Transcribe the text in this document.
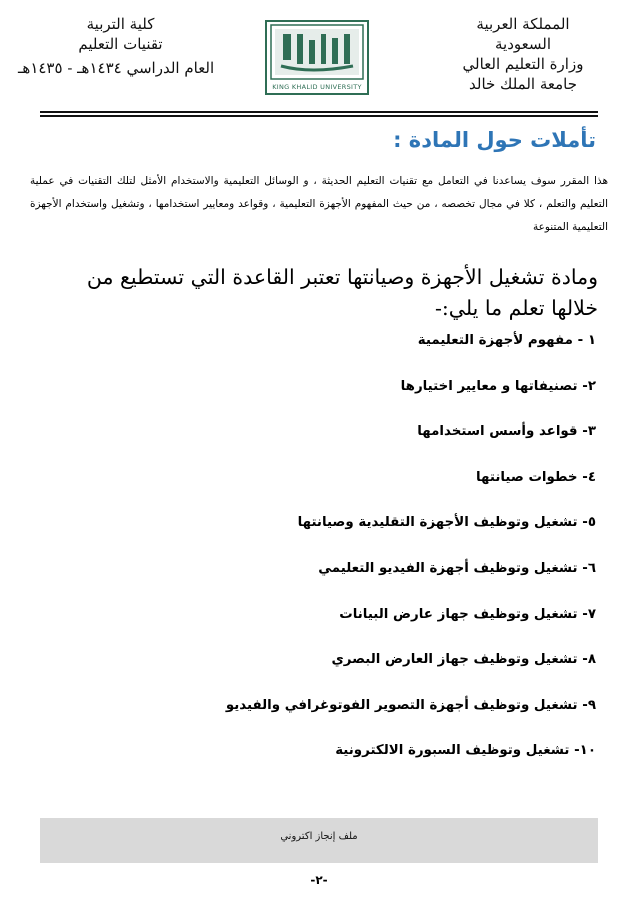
المملكة العربية السعودية
وزارة التعليم العالي
جامعة الملك خالد
KING KHALID UNIVERSITY
كلية التربية
تقنيات التعليم
العام الدراسي ١٤٣٤هـ - ١٤٣٥هـ
تأملات حول المادة :
هذا المقرر سوف يساعدنا في التعامل مع تقنيات التعليم الحديثة ، و الوسائل التعليمية والاستخدام الأمثل لتلك التقنيات في عملية التعليم والتعلم ، كلا في مجال تخصصه ، من حيث المفهوم الأجهزة التعليمية ، وقواعد ومعايير استخدامها ، وتشغيل واستخدام الأجهزة التعليمية المتنوعة
ومادة تشغيل الأجهزة وصيانتها تعتبر القاعدة التي تستطيع من خلالها تعلم ما يلي:-
١ - مفهوم لأجهزة التعليمية
٢- تصنيفاتها و معايير اختيارها
٣- قواعد وأسس استخدامها
٤- خطوات صيانتها
٥- تشغيل وتوظيف الأجهزة التقليدية وصيانتها
٦- تشغيل وتوظيف أجهزة الفيديو التعليمي
٧- تشغيل وتوظيف جهاز عارض البيانات
٨- تشغيل وتوظيف جهاز العارض البصري
٩- تشغيل وتوظيف أجهزة التصوير الفوتوغرافي والفيديو
١٠- تشغيل وتوظيف السبورة الالكترونية
ملف إنجاز اكتروني
-٢-
